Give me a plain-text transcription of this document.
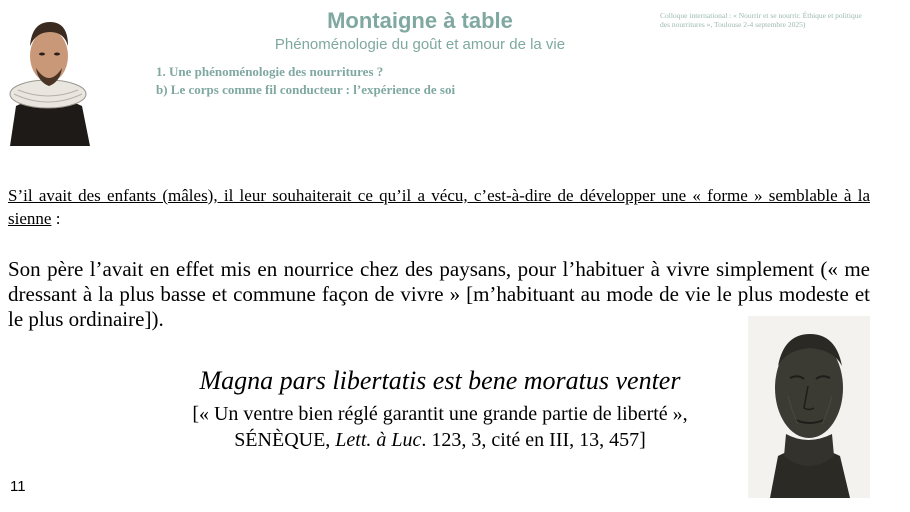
Montaigne à table
Phénoménologie du goût et amour de la vie
Colloque international : « Nourrir et se nourrir. Éthique et politique
des nourritures », Toulouse 2-4 septembre 2025)
1. Une phénoménologie des nourritures ?
b) Le corps comme fil conducteur : l’expérience de soi
S’il avait des enfants (mâles), il leur souhaiterait ce qu’il a vécu, c’est-à-dire de développer une « forme » semblable à la sienne :
Son père l’avait en effet mis en nourrice chez des paysans, pour l’habituer à vivre simplement (« me dressant à la plus basse et commune façon de vivre » [m’habituant au mode de vie le plus modeste et le plus ordinaire]).
Magna pars libertatis est bene moratus venter
[« Un ventre bien réglé garantit une grande partie de liberté »,
SÉNÈQUE, Lett. à Luc. 123, 3, cité en III, 13, 457]
11
